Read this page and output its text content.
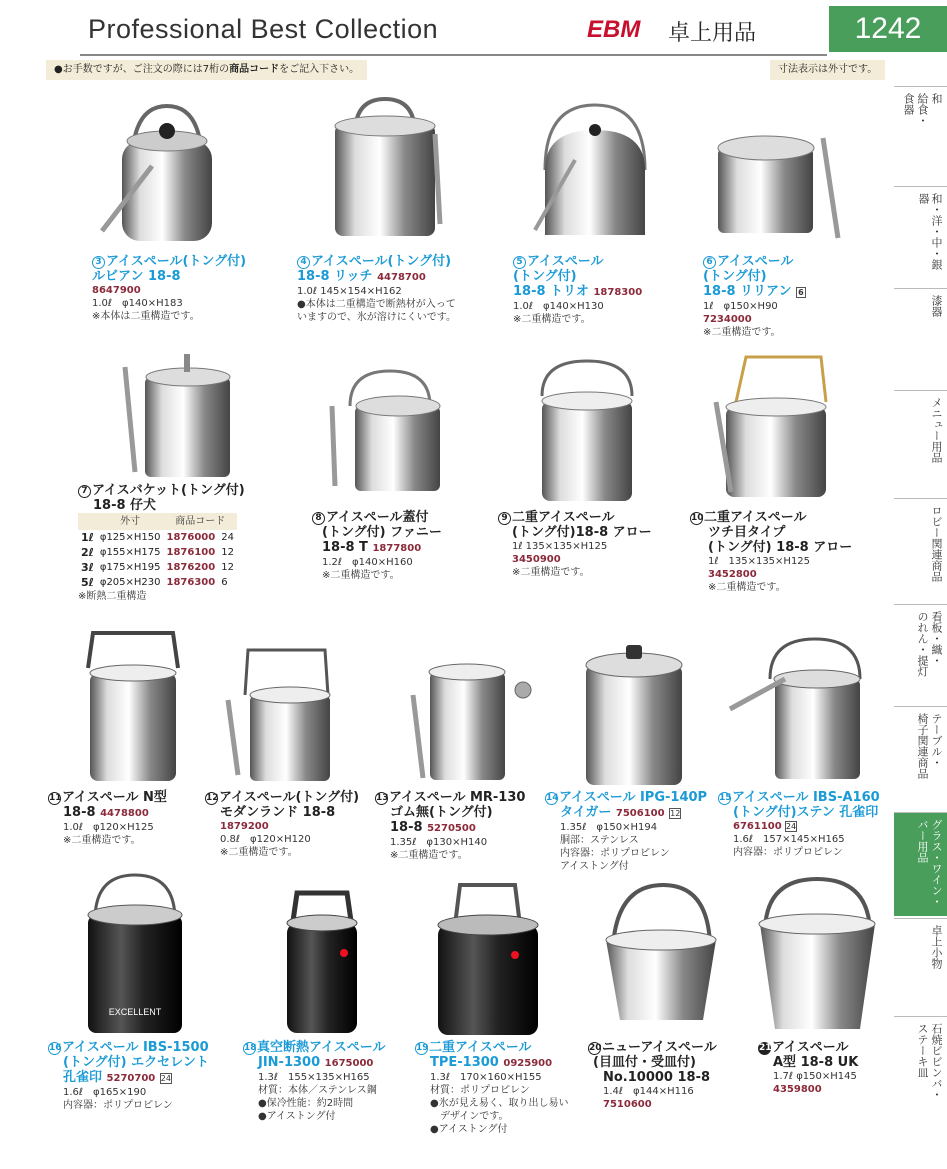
Professional Best Collection	EBM 卓上用品	1242
●お手数ですが、ご注文の際には7桁の商品コードをご記入下さい。	寸法表示は外寸です。
和
給食・
食器
和・洋・中・銀器
漆器
メニュー用品
ロビー関連商品
看板・織・
のれん・提灯
テーブル・
椅子関連商品
グラス・ワイン・
バー用品
卓上小物
石焼ビビンバ・
ステーキ皿
3 アイスペール(トング付)
ルビアン 18-8
8647900
1.0ℓ　φ140×H183
※本体は二重構造です。
4 アイスペール(トング付)
18-8 リッチ 4478700
1.0ℓ 145×154×H162
●本体は二重構造で断熱材が入って
いますので、氷が溶けにくいです。
5 アイスペール
(トング付)
18-8 トリオ 1878300
1.0ℓ　φ140×H130
※二重構造です。
6 アイスペール
(トング付)
18-8 リリアン 6
1ℓ　φ150×H90
7234000
※二重構造です。
7 アイスバケット(トング付)
18-8 仔犬
	外寸	商品コード	
1ℓ	φ125×H150	1876000	24
2ℓ	φ155×H175	1876100	12
3ℓ	φ175×H195	1876200	12
5ℓ	φ205×H230	1876300	6
※断熱二重構造
8 アイスペール蓋付
(トング付) ファニー
18-8 T 1877800
1.2ℓ　φ140×H160
※二重構造です。
9 二重アイスペール
(トング付)18-8 アロー
1ℓ 135×135×H125
3450900
※二重構造です。
10二重アイスペール
ツチ目タイプ
(トング付) 18-8 アロー
1ℓ　135×135×H125
3452800
※二重構造です。
11アイスペール N型
18-8 4478800
1.0ℓ　φ120×H125
※二重構造です。
12アイスペール(トング付)
モダンランド 18-8
1879200
0.8ℓ　φ120×H120
※二重構造です。
13アイスペール MR-130
ゴム無(トング付)
18-8 5270500
1.35ℓ　φ130×H140
※二重構造です。
14アイスペール IPG-140P
タイガー 7506100 12
1.35ℓ　φ150×H194
胴部：ステンレス
内容器：ポリプロピレン
アイストング付
15アイスペール IBS-A160
(トング付)ステン 孔雀印
6761100 24
1.6ℓ　157×145×H165
内容器：ポリプロピレン
EXCELLENT
16アイスペール IBS-1500
(トング付) エクセレント
孔雀印 5270700 24
1.6ℓ　φ165×190
内容器：ポリプロピレン
18真空断熱アイスペール
JIN-1300 1675000
1.3ℓ　155×135×H165
材質：本体／ステンレス鋼
●保冷性能：約2時間
●アイストング付
19二重アイスペール
TPE-1300 0925900
1.3ℓ　170×160×H155
材質：ポリプロピレン
●氷が見え易く、取り出し易い
　デザインです。
●アイストング付
20ニューアイスペール
(目皿付・受皿付)
No.10000 18-8
1.4ℓ　φ144×H116
7510600
21アイスペール
A型 18-8 UK
1.7ℓ φ150×H145
4359800
